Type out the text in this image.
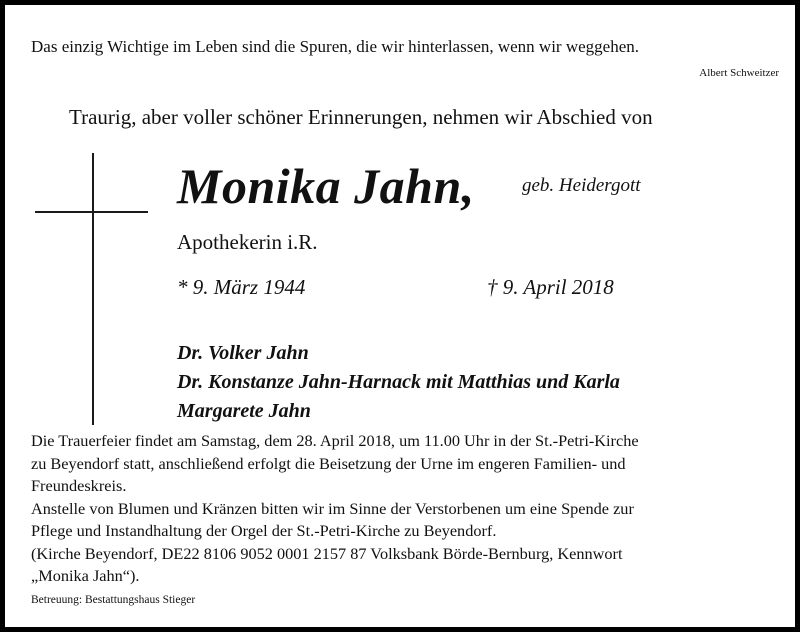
Das einzig Wichtige im Leben sind die Spuren, die wir hinterlassen, wenn wir weggehen.

Albert Schweitzer

Traurig, aber voller schöner Erinnerungen, nehmen wir Abschied von

Monika Jahn, geb. Heidergott

Apothekerin i.R.

* 9. März 1944	† 9. April 2018

Dr. Volker Jahn
Dr. Konstanze Jahn-Harnack mit Matthias und Karla
Margarete Jahn
Die Trauerfeier findet am Samstag, dem 28. April 2018, um 11.00 Uhr in der St.-Petri-Kirche
zu Beyendorf statt, anschließend erfolgt die Beisetzung der Urne im engeren Familien- und
Freundeskreis.
Anstelle von Blumen und Kränzen bitten wir im Sinne der Verstorbenen um eine Spende zur
Pflege und Instandhaltung der Orgel der St.-Petri-Kirche zu Beyendorf.
(Kirche Beyendorf, DE22 8106 9052 0001 2157 87 Volksbank Börde-Bernburg, Kennwort
„Monika Jahn“).

Betreuung: Bestattungshaus Stieger
